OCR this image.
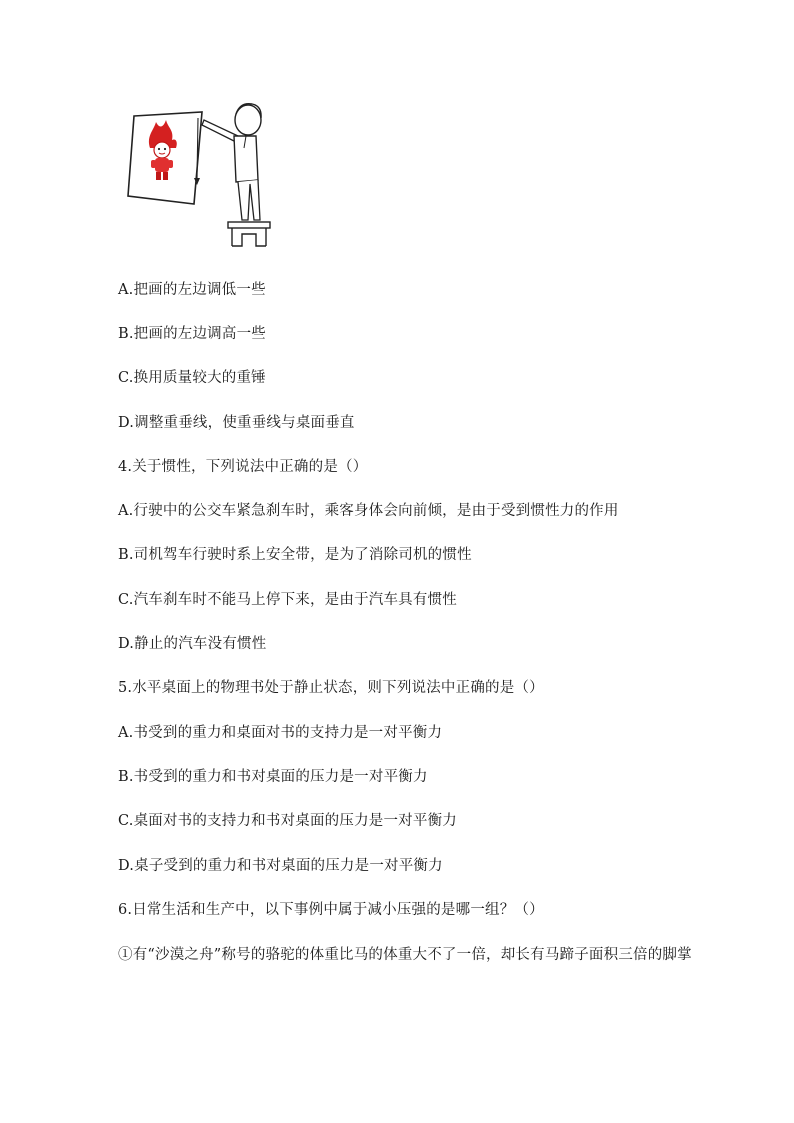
A.把画的左边调低一些
B.把画的左边调高一些
C.换用质量较大的重锤
D.调整重垂线，使重垂线与桌面垂直
4.关于惯性，下列说法中正确的是（）
A.行驶中的公交车紧急刹车时，乘客身体会向前倾，是由于受到惯性力的作用
B.司机驾车行驶时系上安全带，是为了消除司机的惯性
C.汽车刹车时不能马上停下来，是由于汽车具有惯性
D.静止的汽车没有惯性
5.水平桌面上的物理书处于静止状态，则下列说法中正确的是（）
A.书受到的重力和桌面对书的支持力是一对平衡力
B.书受到的重力和书对桌面的压力是一对平衡力
C.桌面对书的支持力和书对桌面的压力是一对平衡力
D.桌子受到的重力和书对桌面的压力是一对平衡力
6.日常生活和生产中，以下事例中属于减小压强的是哪一组？（）
①有“沙漠之舟”称号的骆驼的体重比马的体重大不了一倍，却长有马蹄子面积三倍的脚掌
